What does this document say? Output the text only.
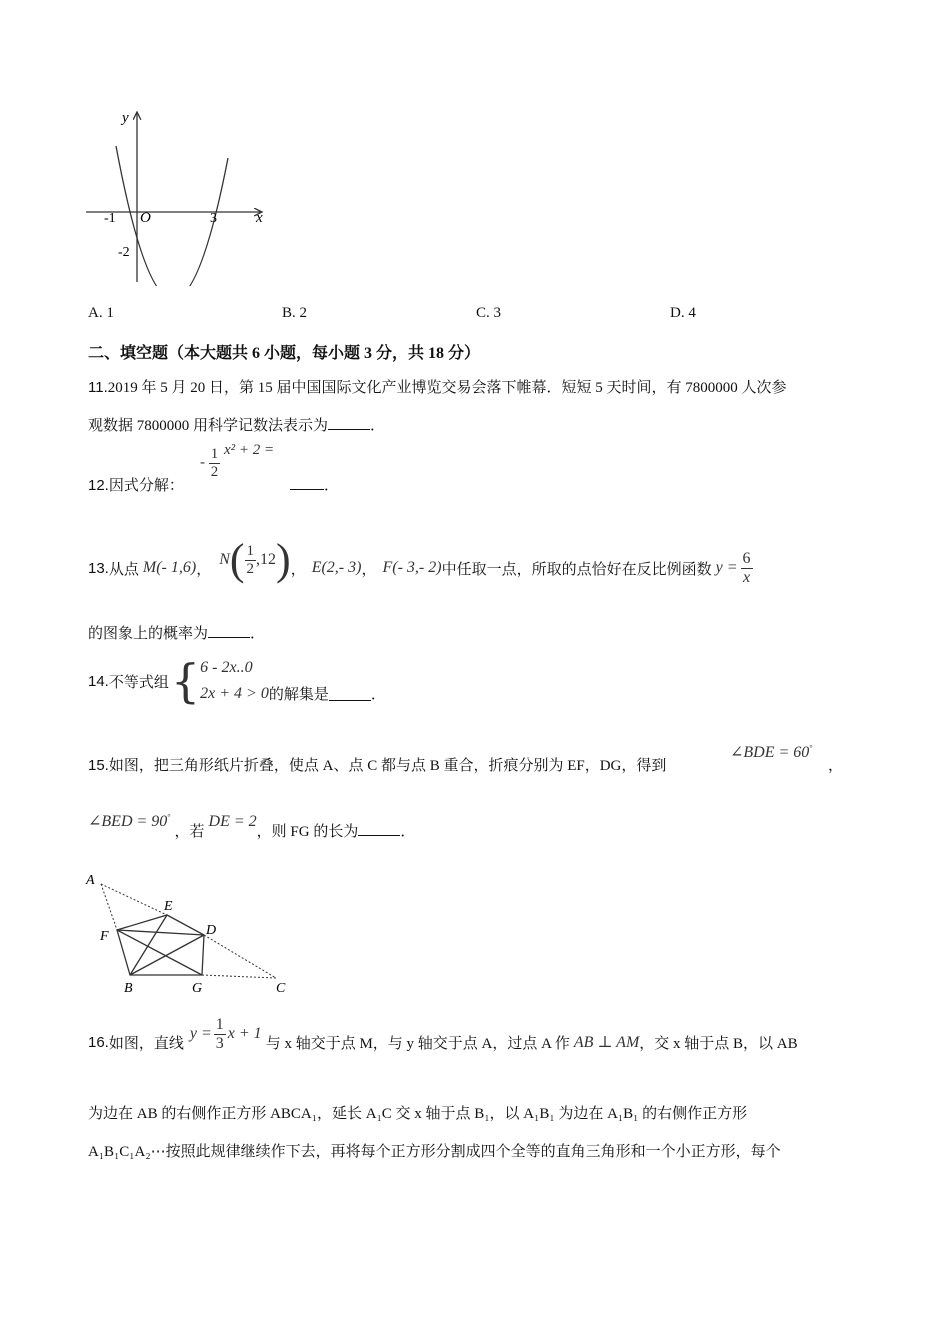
y
x
O
-1	3
-2
A. 1	B. 2	C. 3	D. 4
二、填空题（本大题共 6 小题，每小题 3 分，共 18 分）
11.2019 年 5 月 20 日，第 15 届中国国际文化产业博览交易会落下帷幕．短短 5 天时间，有 7800000 人次参
观数据 7800000 用科学记数法表示为	．
12.因式分解：
- $\frac{1}{2} x^2 + 2$ =
．
13. 从点 M(- 1,6) ，
N ( $\frac{1}{2} ,12$ ) ， E(2,- 3) ， F(- 3,- 2) 中任取一点，所取的点恰好在反比例函数 $y = \frac{6}{x}$
的图象上的概率为	．
14. 不等式组 { 6 - 2x..0
2x + 4 > 0 的解集是	．
15.如图，把三角形纸片折叠，使点 A、点 C 都与点 B 重合，折痕分别为 EF，DG，得到
∠BDE = 60°
，
∠BED = 90°
，若
DE = 2
，则 FG 的长为	．
A
E
D
F
B	G	C
16. 如图，直线
$y = \frac{1}{3}$ x + 1
与 x 轴交于点 M，与 y 轴交于点 A，过点 A 作 AB ⊥ AM ，交 x 轴于点 B，以 AB
为边在 AB 的右侧作正方形 ABCA₁，延长 A₁C 交 x 轴于点 B₁，以 A₁B₁ 为边在 A₁B₁ 的右侧作正方形
A₁B₁C₁A₂⋯按照此规律继续作下去，再将每个正方形分割成四个全等的直角三角形和一个小正方形，每个
